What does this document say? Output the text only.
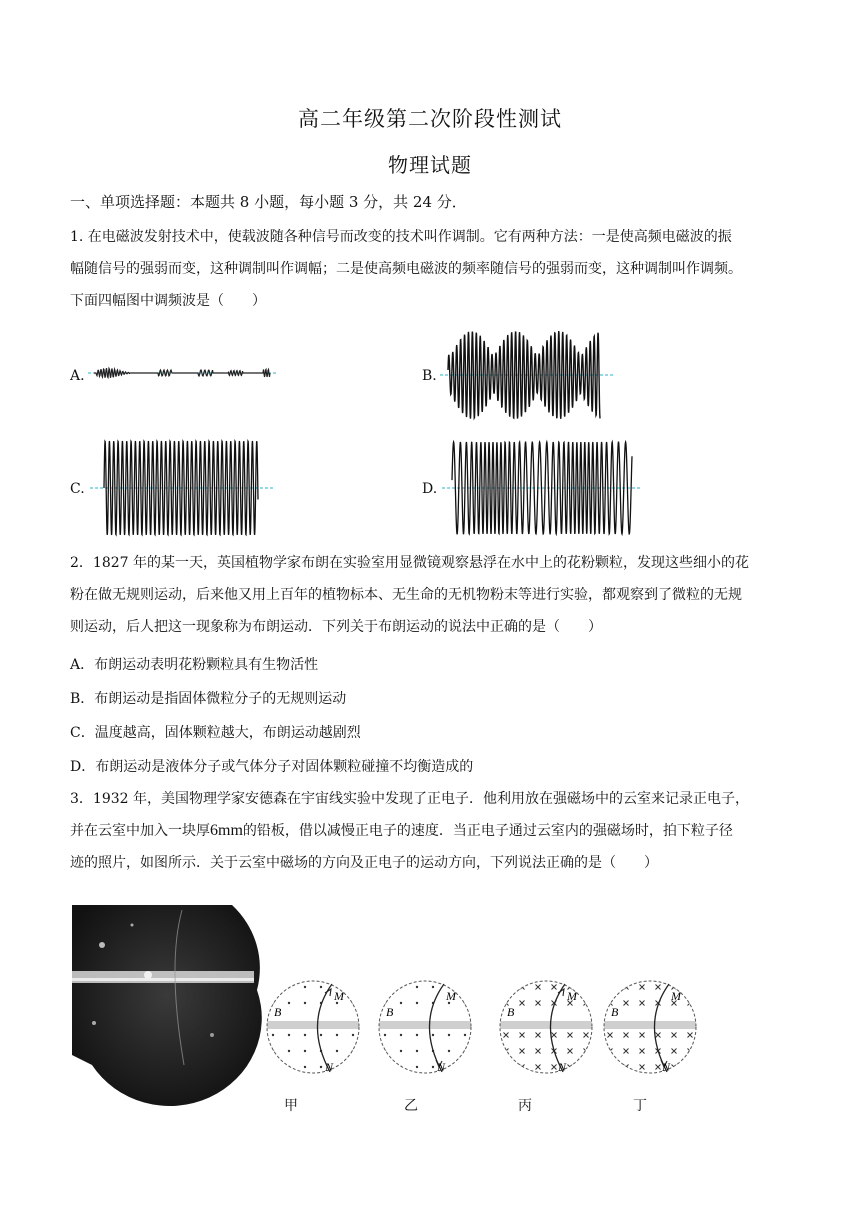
高二年级第二次阶段性测试
物理试题
一、单项选择题：本题共 8 小题，每小题 3 分，共 24 分．
1. 在电磁波发射技术中，使载波随各种信号而改变的技术叫作调制。它有两种方法：一是使高频电磁波的振
幅随信号的强弱而变，这种调制叫作调幅；二是使高频电磁波的频率随信号的强弱而变，这种调制叫作调频。
下面四幅图中调频波是（　　）
A.	B.
C.	D.
2．1827 年的某一天，英国植物学家布朗在实验室用显微镜观察悬浮在水中上的花粉颗粒，发现这些细小的花
粉在做无规则运动，后来他又用上百年的植物标本、无生命的无机物粉末等进行实验，都观察到了微粒的无规
则运动，后人把这一现象称为布朗运动．下列关于布朗运动的说法中正确的是（　　）
A．布朗运动表明花粉颗粒具有生物活性
B．布朗运动是指固体微粒分子的无规则运动
C．温度越高，固体颗粒越大，布朗运动越剧烈
D．布朗运动是液体分子或气体分子对固体颗粒碰撞不均衡造成的
3．1932 年，美国物理学家安德森在宇宙线实验中发现了正电子．他利用放在强磁场中的云室来记录正电子，
并在云室中加入一块厚6mm的铅板，借以减慢正电子的速度．当正电子通过云室内的强磁场时，拍下粒子径
迹的照片，如图所示．关于云室中磁场的方向及正电子的运动方向，下列说法正确的是（　　）
B
M
N
B
M
N
B
M
N
B
M
N
甲	乙	丙	丁
